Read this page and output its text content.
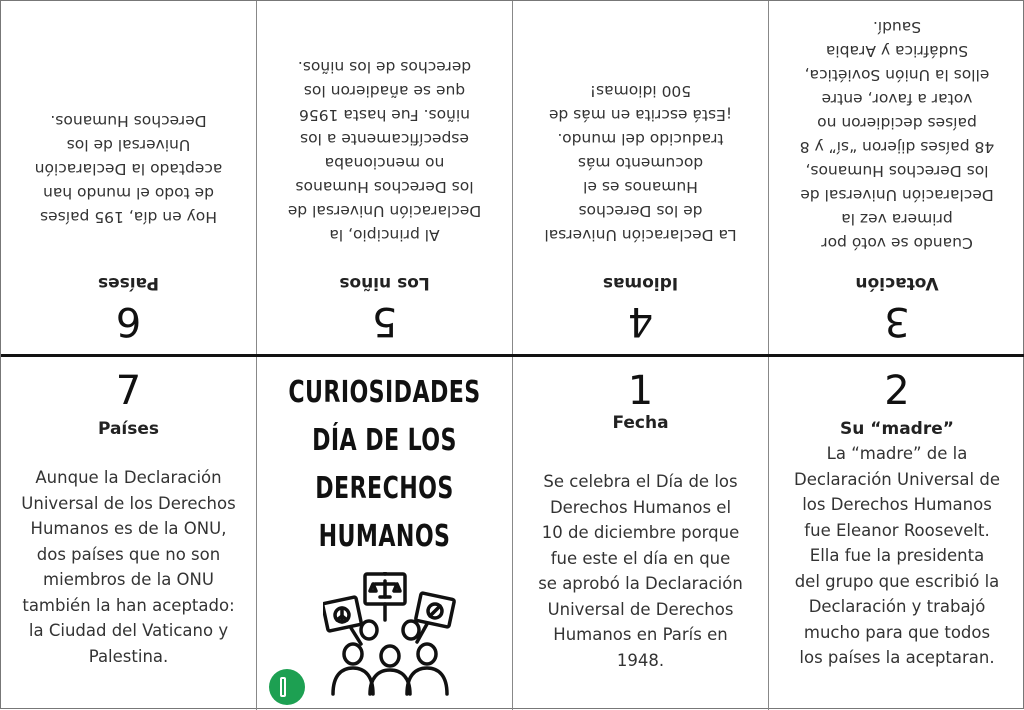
6
Países
Hoy en día, 195 países
de todo el mundo han
aceptado la Declaración
Universal de los
Derechos Humanos.
5
Los niños
Al principio, la
Declaración Universal de
los Derechos Humanos
no mencionaba
específicamente a los
niños. Fue hasta 1956
que se añadieron los
derechos de los niños.
4
Idiomas
La Declaración Universal
de los Derechos
Humanos es el
documento más
traducido del mundo.
¡Está escrita en más de
500 idiomas!
3
Votación
Cuando se votó por
primera vez la
Declaración Universal de
los Derechos Humanos,
48 países dijeron “sí” y 8
países decidieron no
votar a favor, entre
ellos la Unión Soviética,
Sudáfrica y Arabia
Saudí.
7
Países
Aunque la Declaración
Universal de los Derechos
Humanos es de la ONU,
dos países que no son
miembros de la ONU
también la han aceptado:
la Ciudad del Vaticano y
Palestina.
CURIOSIDADES
DÍA DE LOS
DERECHOS
HUMANOS
1
Fecha
Se celebra el Día de los
Derechos Humanos el
10 de diciembre porque
fue este el día en que
se aprobó la Declaración
Universal de Derechos
Humanos en París en
1948.
2
Su “madre”
La “madre” de la
Declaración Universal de
los Derechos Humanos
fue Eleanor Roosevelt.
Ella fue la presidenta
del grupo que escribió la
Declaración y trabajó
mucho para que todos
los países la aceptaran.
